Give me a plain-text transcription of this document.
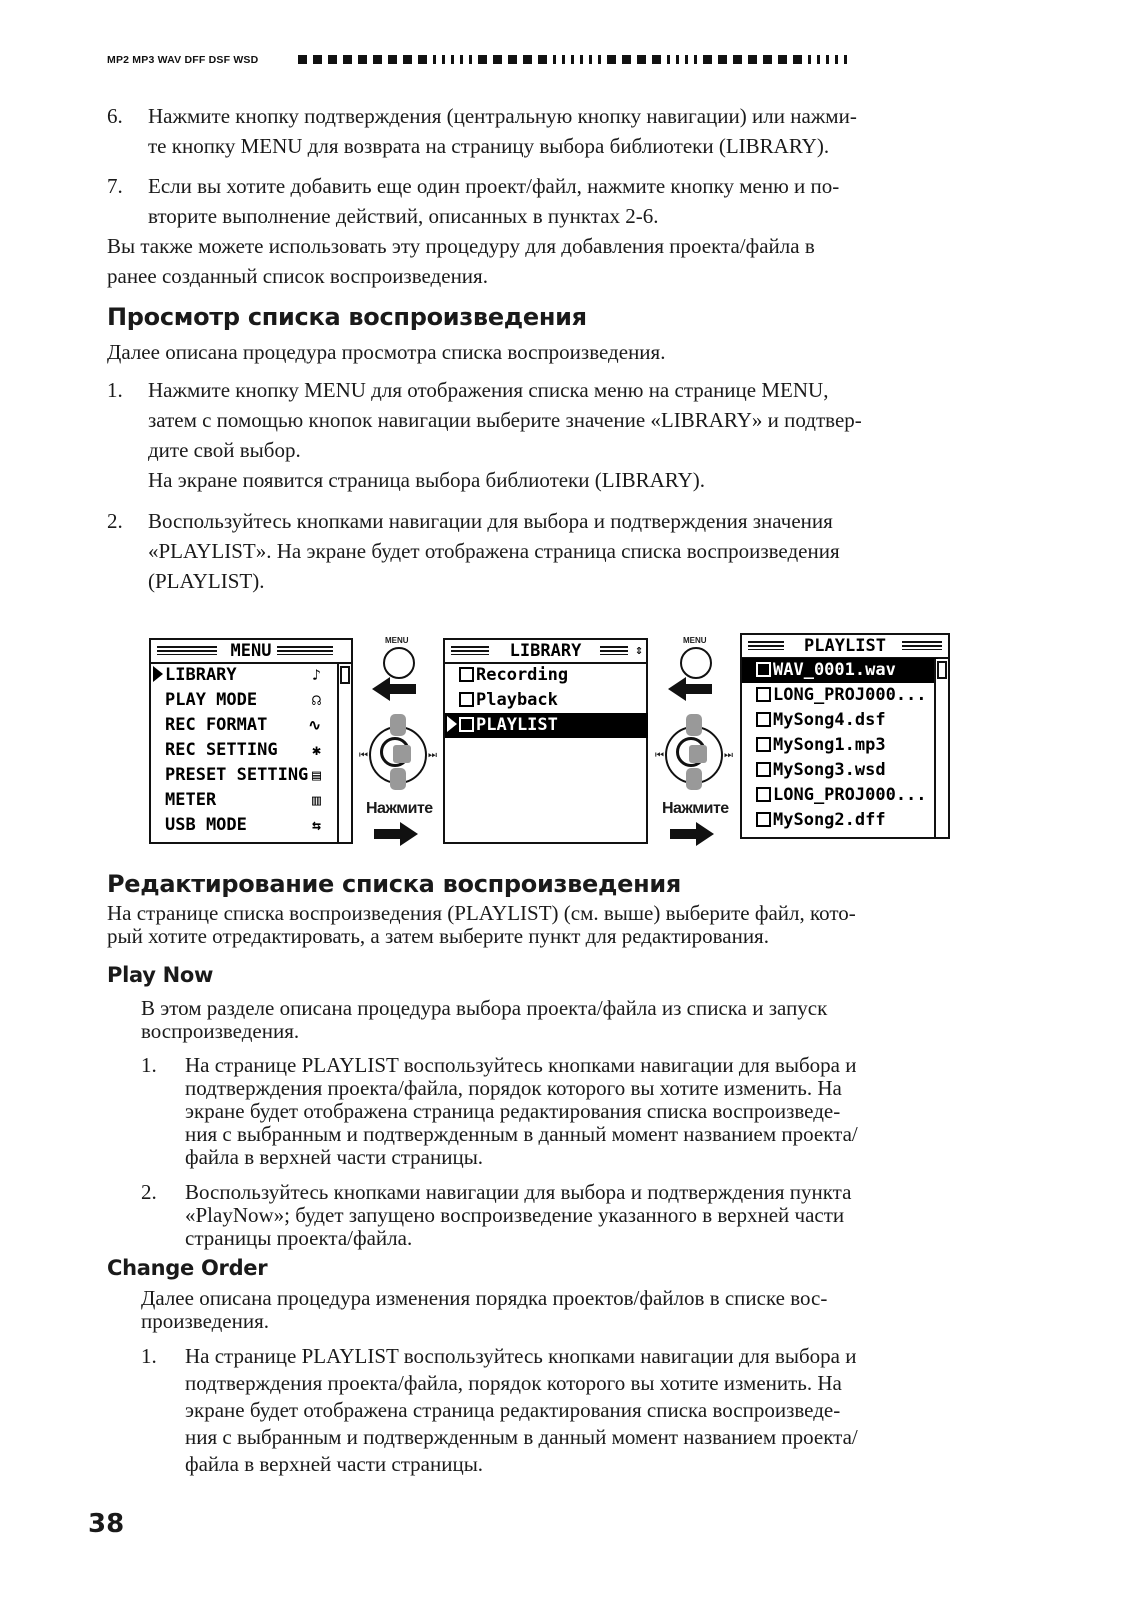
MP2 MP3 WAV DFF DSF WSD
6. Нажмите кнопку подтверждения (центральную кнопку навигации) или нажми-

те кнопку MENU для возврата на страницу выбора библиотеки (LIBRARY).

7. Если вы хотите добавить еще один проект/файл, нажмите кнопку меню и по-

вторите выполнение действий, описанных в пунктах 2-6.

Вы также можете использовать эту процедуру для добавления проекта/файла в

ранее созданный список воспроизведения.

Просмотр списка воспроизведения

Далее описана процедура просмотра списка воспроизведения.

1. Нажмите кнопку MENU для отображения списка меню на странице MENU,

затем с помощью кнопок навигации выберите значение «LIBRARY» и подтвер-

дите свой выбор.

На экране появится страница выбора библиотеки (LIBRARY).

2. Воспользуйтесь кнопками навигации для выбора и подтверждения значения

«PLAYLIST». На экране будет отображена страница списка воспроизведения

(PLAYLIST).

MENU
LIBRARY	♪
PLAY MODE	☊
REC FORMAT	∿
REC SETTING ✱
PRESET SETTING ▤
METER	▥
USB MODE	⇆
MENU
⏮	⏭
Нажмите
LIBRARY	⇕
Recording
Playback
PLAYLIST
MENU
⏮	⏭
Нажмите
PLAYLIST
WAV_0001.wav
LONG_PROJ000...
MySong4.dsf
MySong1.mp3
MySong3.wsd
LONG_PROJ000...
MySong2.dff
Редактирование списка воспроизведения

На странице списка воспроизведения (PLAYLIST) (см. выше) выберите файл, кото-

рый хотите отредактировать, а затем выберите пункт для редактирования.

Play Now

В этом разделе описана процедура выбора проекта/файла из списка и запуск

воспроизведения.

1. На странице PLAYLIST воспользуйтесь кнопками навигации для выбора и

подтверждения проекта/файла, порядок которого вы хотите изменить. На

экране будет отображена страница редактирования списка воспроизведе-

ния с выбранным и подтвержденным в данный момент названием проекта/

файла в верхней части страницы.

2. Воспользуйтесь кнопками навигации для выбора и подтверждения пункта

«PlayNow»; будет запущено воспроизведение указанного в верхней части

страницы проекта/файла.

Change Order

Далее описана процедура изменения порядка проектов/файлов в списке вос-

произведения.

1. На странице PLAYLIST воспользуйтесь кнопками навигации для выбора и

подтверждения проекта/файла, порядок которого вы хотите изменить. На

экране будет отображена страница редактирования списка воспроизведе-

ния с выбранным и подтвержденным в данный момент названием проекта/

файла в верхней части страницы.

38
